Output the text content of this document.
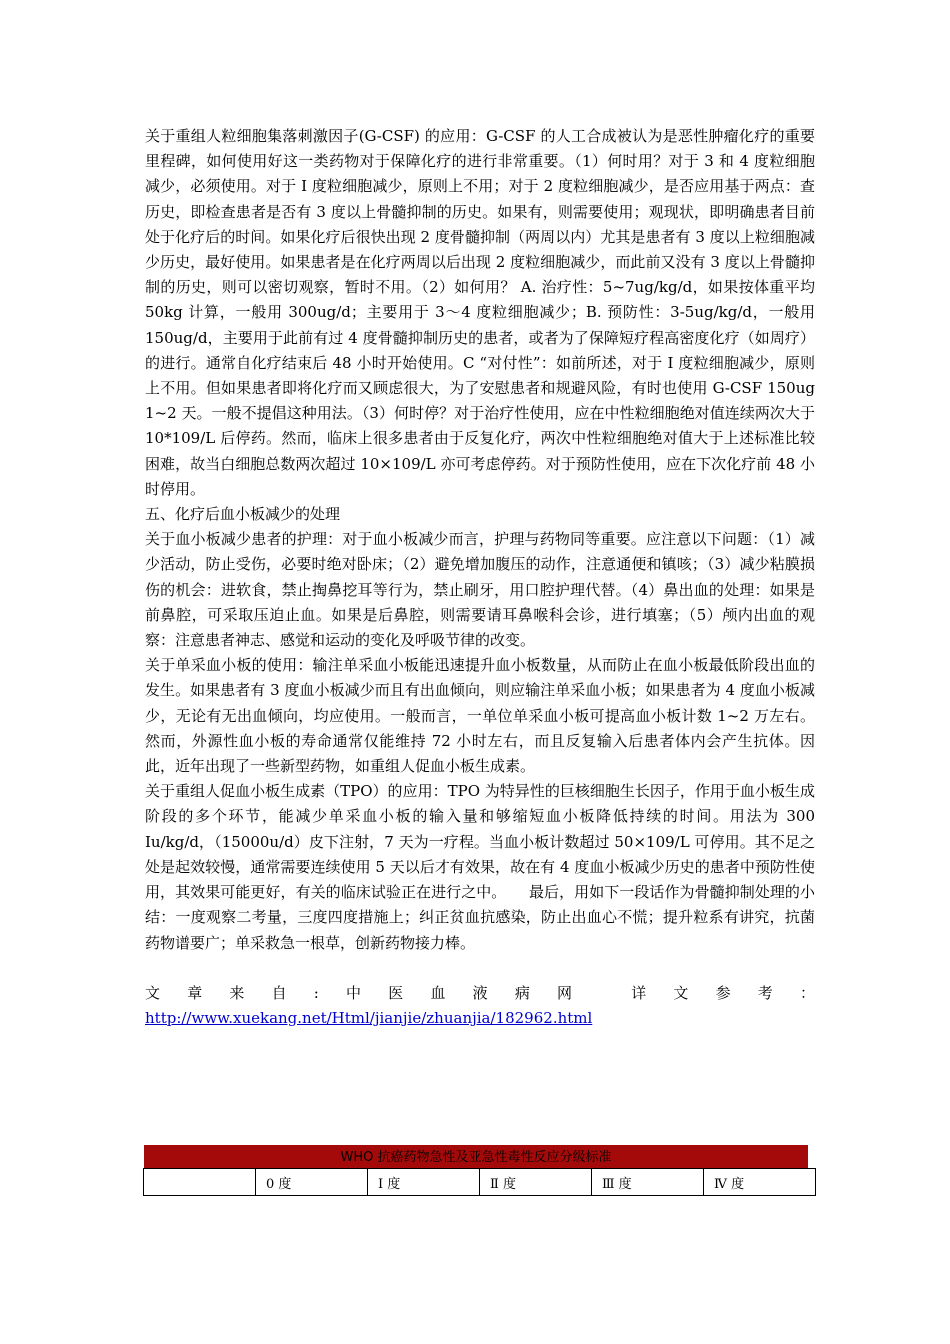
关于重组人粒细胞集落刺激因子(G-CSF) 的应用：G-CSF 的人工合成被认为是恶性肿瘤化疗的重要里程碑，如何使用好这一类药物对于保障化疗的进行非常重要。（1）何时用？对于 3 和 4 度粒细胞减少，必须使用。对于 I 度粒细胞减少，原则上不用；对于 2 度粒细胞减少，是否应用基于两点：查历史，即检查患者是否有 3 度以上骨髓抑制的历史。如果有，则需要使用；观现状，即明确患者目前处于化疗后的时间。如果化疗后很快出现 2 度骨髓抑制（两周以内）尤其是患者有 3 度以上粒细胞减少历史，最好使用。如果患者是在化疗两周以后出现 2 度粒细胞减少，而此前又没有 3 度以上骨髓抑制的历史，则可以密切观察，暂时不用。（2）如何用？ A. 治疗性：5~7ug/kg/d，如果按体重平均 50kg 计算，一般用 300ug/d；主要用于 3～4 度粒细胞减少；B. 预防性：3-5ug/kg/d，一般用 150ug/d，主要用于此前有过 4 度骨髓抑制历史的患者，或者为了保障短疗程高密度化疗（如周疗）的进行。通常自化疗结束后 48 小时开始使用。C “对付性”：如前所述，对于 I 度粒细胞减少，原则上不用。但如果患者即将化疗而又顾虑很大，为了安慰患者和规避风险，有时也使用 G-CSF 150ug 1~2 天。一般不提倡这种用法。（3）何时停？对于治疗性使用，应在中性粒细胞绝对值连续两次大于 10*109/L 后停药。然而，临床上很多患者由于反复化疗，两次中性粒细胞绝对值大于上述标准比较困难，故当白细胞总数两次超过 10×109/L 亦可考虑停药。对于预防性使用，应在下次化疗前 48 小时停用。

五、化疗后血小板减少的处理

关于血小板减少患者的护理：对于血小板减少而言，护理与药物同等重要。应注意以下问题：（1）减少活动，防止受伤，必要时绝对卧床；（2）避免增加腹压的动作，注意通便和镇咳；（3）减少粘膜损伤的机会：进软食，禁止掏鼻挖耳等行为，禁止刷牙，用口腔护理代替。（4）鼻出血的处理：如果是前鼻腔，可采取压迫止血。如果是后鼻腔，则需要请耳鼻喉科会诊，进行填塞；（5）颅内出血的观察：注意患者神志、感觉和运动的变化及呼吸节律的改变。

关于单采血小板的使用：输注单采血小板能迅速提升血小板数量，从而防止在血小板最低阶段出血的发生。如果患者有 3 度血小板减少而且有出血倾向，则应输注单采血小板；如果患者为 4 度血小板减少，无论有无出血倾向，均应使用。一般而言，一单位单采血小板可提高血小板计数 1~2 万左右。然而，外源性血小板的寿命通常仅能维持 72 小时左右，而且反复输入后患者体内会产生抗体。因此，近年出现了一些新型药物，如重组人促血小板生成素。

关于重组人促血小板生成素（TPO）的应用：TPO 为特异性的巨核细胞生长因子，作用于血小板生成阶段的多个环节，能减少单采血小板的输入量和够缩短血小板降低持续的时间。用法为 300 Iu/kg/d，（15000u/d）皮下注射，7 天为一疗程。当血小板计数超过 50×109/L 可停用。其不足之处是起效较慢，通常需要连续使用 5 天以后才有效果，故在有 4 度血小板减少历史的患者中预防性使用，其效果可能更好，有关的临床试验正在进行之中。　　最后，用如下一段话作为骨髓抑制处理的小结：一度观察二考量，三度四度措施上；纠正贫血抗感染，防止出血心不慌；提升粒系有讲究，抗菌药物谱要广；单采救急一根草，创新药物接力棒。

文章来自:中医血液病网 详文参考：http://www.xuekang.net/Html/jianjie/zhuanjia/182962.html

WHO 抗癌药物急性及亚急性毒性反应分级标准
	0 度	Ⅰ 度	Ⅱ 度	Ⅲ 度	Ⅳ 度
